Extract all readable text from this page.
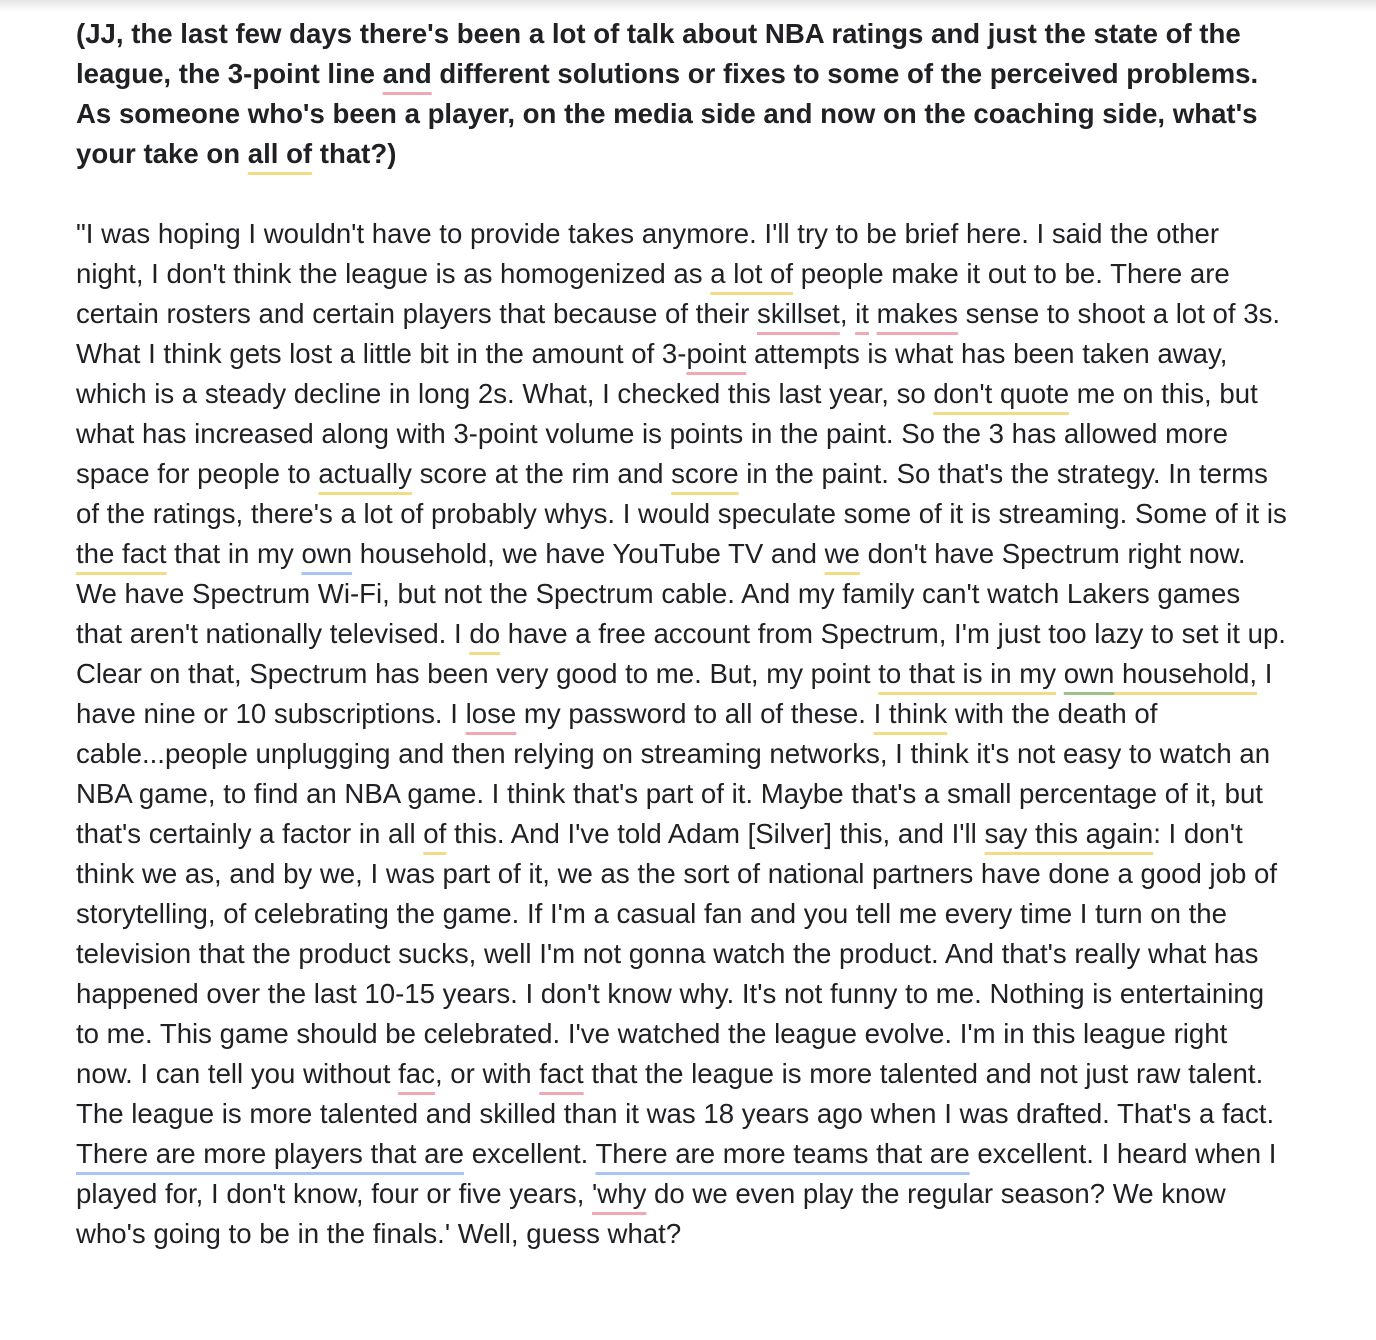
(JJ, the last few days there's been a lot of talk about NBA ratings and just the state of the league, the 3-point line and different solutions or fixes to some of the perceived problems. As someone who's been a player, on the media side and now on the coaching side, what's your take on all of that?)

"I was hoping I wouldn't have to provide takes anymore. I'll try to be brief here. I said the other night, I don't think the league is as homogenized as a lot of people make it out to be. There are certain rosters and certain players that because of their skillset, it makes sense to shoot a lot of 3s. What I think gets lost a little bit in the amount of 3-point attempts is what has been taken away, which is a steady decline in long 2s. What, I checked this last year, so don't quote me on this, but what has increased along with 3-point volume is points in the paint. So the 3 has allowed more space for people to actually score at the rim and score in the paint. So that's the strategy. In terms of the ratings, there's a lot of probably whys. I would speculate some of it is streaming. Some of it is the fact that in my own household, we have YouTube TV and we don't have Spectrum right now. We have Spectrum Wi-Fi, but not the Spectrum cable. And my family can't watch Lakers games that aren't nationally televised. I do have a free account from Spectrum, I'm just too lazy to set it up. Clear on that, Spectrum has been very good to me. But, my point to that is in my own household, I have nine or 10 subscriptions. I lose my password to all of these. I think with the death of cable...people unplugging and then relying on streaming networks, I think it's not easy to watch an NBA game, to find an NBA game. I think that's part of it. Maybe that's a small percentage of it, but that's certainly a factor in all of this. And I've told Adam [Silver] this, and I'll say this again: I don't think we as, and by we, I was part of it, we as the sort of national partners have done a good job of storytelling, of celebrating the game. If I'm a casual fan and you tell me every time I turn on the television that the product sucks, well I'm not gonna watch the product. And that's really what has happened over the last 10-15 years. I don't know why. It's not funny to me. Nothing is entertaining to me. This game should be celebrated. I've watched the league evolve. I'm in this league right now. I can tell you without fac, or with fact that the league is more talented and not just raw talent. The league is more talented and skilled than it was 18 years ago when I was drafted. That's a fact. There are more players that are excellent. There are more teams that are excellent. I heard when I played for, I don't know, four or five years, 'why do we even play the regular season? We know who's going to be in the finals.' Well, guess what?
